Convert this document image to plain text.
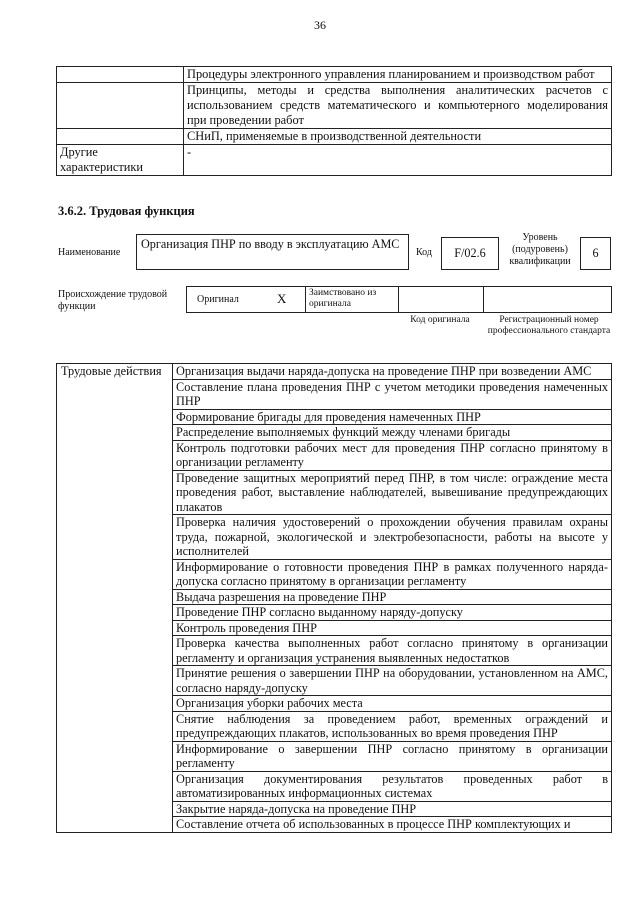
36
	Процедуры электронного управления планированием и производством работ
	Принципы, методы и средства выполнения аналитических расчетов с использованием средств математического и компьютерного моделирования при проведении работ
	СНиП, применяемые в производственной деятельности
Другие характеристики	-
3.6.2. Трудовая функция
Наименование
Организация ПНР по вводу в эксплуатацию АМС
Код	F/02.6
Уровень (подуровень) квалификации
6
Происхождение трудовой функции
Оригинал	X Заимствовано из оригинала
Код оригинала	Регистрационный номер профессионального стандарта
Трудовые действия	Организация выдачи наряда-допуска на проведение ПНР при возведении АМС
Составление плана проведения ПНР с учетом методики проведения намеченных ПНР
Формирование бригады для проведения намеченных ПНР
Распределение выполняемых функций между членами бригады
Контроль подготовки рабочих мест для проведения ПНР согласно принятому в организации регламенту
Проведение защитных мероприятий перед ПНР, в том числе: ограждение места проведения работ, выставление наблюдателей, вывешивание предупреждающих плакатов
Проверка наличия удостоверений о прохождении обучения правилам охраны труда, пожарной, экологической и электробезопасности, работы на высоте у исполнителей
Информирование о готовности проведения ПНР в рамках полученного наряда-допуска согласно принятому в организации регламенту
Выдача разрешения на проведение ПНР
Проведение ПНР согласно выданному наряду-допуску
Контроль проведения ПНР
Проверка качества выполненных работ согласно принятому в организации регламенту и организация устранения выявленных недостатков
Принятие решения о завершении ПНР на оборудовании, установленном на АМС, согласно наряду-допуску
Организация уборки рабочих места
Снятие наблюдения за проведением работ, временных ограждений и предупреждающих плакатов, использованных во время проведения ПНР
Информирование о завершении ПНР согласно принятому в организации регламенту
Организация документирования результатов проведенных работ в автоматизированных информационных системах
Закрытие наряда-допуска на проведение ПНР
Составление отчета об использованных в процессе ПНР комплектующих и
